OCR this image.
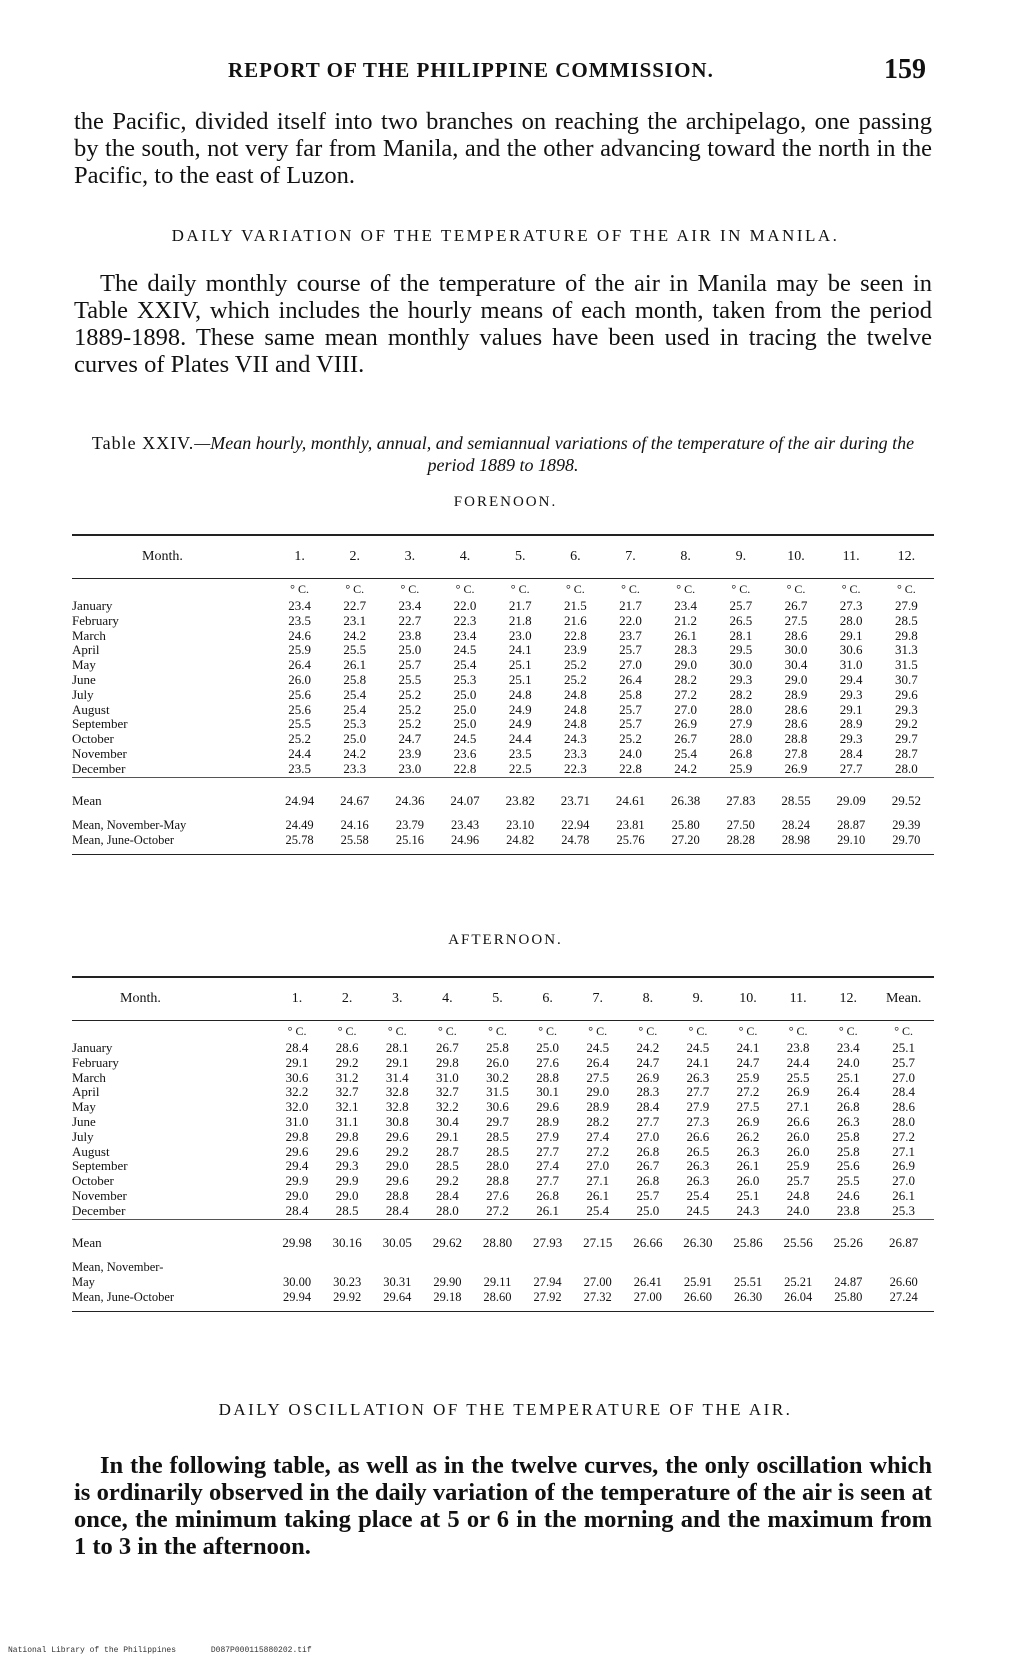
REPORT OF THE PHILIPPINE COMMISSION.	159
the Pacific, divided itself into two branches on reaching the archipelago, one passing by the south, not very far from Manila, and the other advancing toward the north in the Pacific, to the east of Luzon.
DAILY VARIATION OF THE TEMPERATURE OF THE AIR IN MANILA.
The daily monthly course of the temperature of the air in Manila may be seen in Table XXIV, which includes the hourly means of each month, taken from the period 1889-1898. These same mean monthly values have been used in tracing the twelve curves of Plates VII and VIII.
Table XXIV.—Mean hourly, monthly, annual, and semiannual variations of the temperature of the air during the period 1889 to 1898.
FORENOON.
Month.	1.	2.	3.	4.	5.	6.	7.	8.	9.	10.	11.	12.
	° C.	° C.	° C.	° C.	° C.	° C.	° C.	° C.	° C.	° C.	° C.	° C.
January	23.4	22.7	23.4	22.0	21.7	21.5	21.7	23.4	25.7	26.7	27.3	27.9
February	23.5	23.1	22.7	22.3	21.8	21.6	22.0	21.2	26.5	27.5	28.0	28.5
March	24.6	24.2	23.8	23.4	23.0	22.8	23.7	26.1	28.1	28.6	29.1	29.8
April	25.9	25.5	25.0	24.5	24.1	23.9	25.7	28.3	29.5	30.0	30.6	31.3
May	26.4	26.1	25.7	25.4	25.1	25.2	27.0	29.0	30.0	30.4	31.0	31.5
June	26.0	25.8	25.5	25.3	25.1	25.2	26.4	28.2	29.3	29.0	29.4	30.7
July	25.6	25.4	25.2	25.0	24.8	24.8	25.8	27.2	28.2	28.9	29.3	29.6
August	25.6	25.4	25.2	25.0	24.9	24.8	25.7	27.0	28.0	28.6	29.1	29.3
September	25.5	25.3	25.2	25.0	24.9	24.8	25.7	26.9	27.9	28.6	28.9	29.2
October	25.2	25.0	24.7	24.5	24.4	24.3	25.2	26.7	28.0	28.8	29.3	29.7
November	24.4	24.2	23.9	23.6	23.5	23.3	24.0	25.4	26.8	27.8	28.4	28.7
December	23.5	23.3	23.0	22.8	22.5	22.3	22.8	24.2	25.9	26.9	27.7	28.0
Mean	24.94	24.67	24.36	24.07	23.82	23.71	24.61	26.38	27.83	28.55	29.09	29.52
Mean, November-May	24.49	24.16	23.79	23.43	23.10	22.94	23.81	25.80	27.50	28.24	28.87	29.39
Mean, June-October	25.78	25.58	25.16	24.96	24.82	24.78	25.76	27.20	28.28	28.98	29.10	29.70

AFTERNOON.
Month.	1.	2.	3.	4.	5.	6.	7.	8.	9.	10.	11.	12.	Mean.
	° C.	° C.	° C.	° C.	° C.	° C.	° C.	° C.	° C.	° C.	° C.	° C.	° C.
January	28.4	28.6	28.1	26.7	25.8	25.0	24.5	24.2	24.5	24.1	23.8	23.4	25.1
February	29.1	29.2	29.1	29.8	26.0	27.6	26.4	24.7	24.1	24.7	24.4	24.0	25.7
March	30.6	31.2	31.4	31.0	30.2	28.8	27.5	26.9	26.3	25.9	25.5	25.1	27.0
April	32.2	32.7	32.8	32.7	31.5	30.1	29.0	28.3	27.7	27.2	26.9	26.4	28.4
May	32.0	32.1	32.8	32.2	30.6	29.6	28.9	28.4	27.9	27.5	27.1	26.8	28.6
June	31.0	31.1	30.8	30.4	29.7	28.9	28.2	27.7	27.3	26.9	26.6	26.3	28.0
July	29.8	29.8	29.6	29.1	28.5	27.9	27.4	27.0	26.6	26.2	26.0	25.8	27.2
August	29.6	29.6	29.2	28.7	28.5	27.7	27.2	26.8	26.5	26.3	26.0	25.8	27.1
September	29.4	29.3	29.0	28.5	28.0	27.4	27.0	26.7	26.3	26.1	25.9	25.6	26.9
October	29.9	29.9	29.6	29.2	28.8	27.7	27.1	26.8	26.3	26.0	25.7	25.5	27.0
November	29.0	29.0	28.8	28.4	27.6	26.8	26.1	25.7	25.4	25.1	24.8	24.6	26.1
December	28.4	28.5	28.4	28.0	27.2	26.1	25.4	25.0	24.5	24.3	24.0	23.8	25.3
Mean	29.98	30.16	30.05	29.62	28.80	27.93	27.15	26.66	26.30	25.86	25.56	25.26	26.87

Mean, November-
May	30.00	30.23	30.31	29.90	29.11	27.94	27.00	26.41	25.91	25.51	25.21	24.87	26.60
Mean, June-October	29.94	29.92	29.64	29.18	28.60	27.92	27.32	27.00	26.60	26.30	26.04	25.80	27.24

DAILY OSCILLATION OF THE TEMPERATURE OF THE AIR.
In the following table, as well as in the twelve curves, the only oscillation which is ordinarily observed in the daily variation of the temperature of the air is seen at once, the minimum taking place at 5 or 6 in the morning and the maximum from 1 to 3 in the afternoon.
National Library of the Philippines	D087P000115880202.tif
